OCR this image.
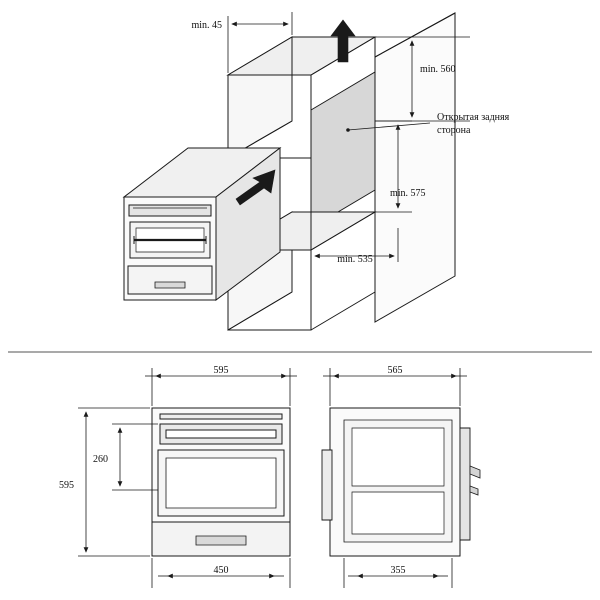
min. 45
min. 560
Открытая задняя
сторона
min. 575
min. 535
595
595
260
450
565
355
